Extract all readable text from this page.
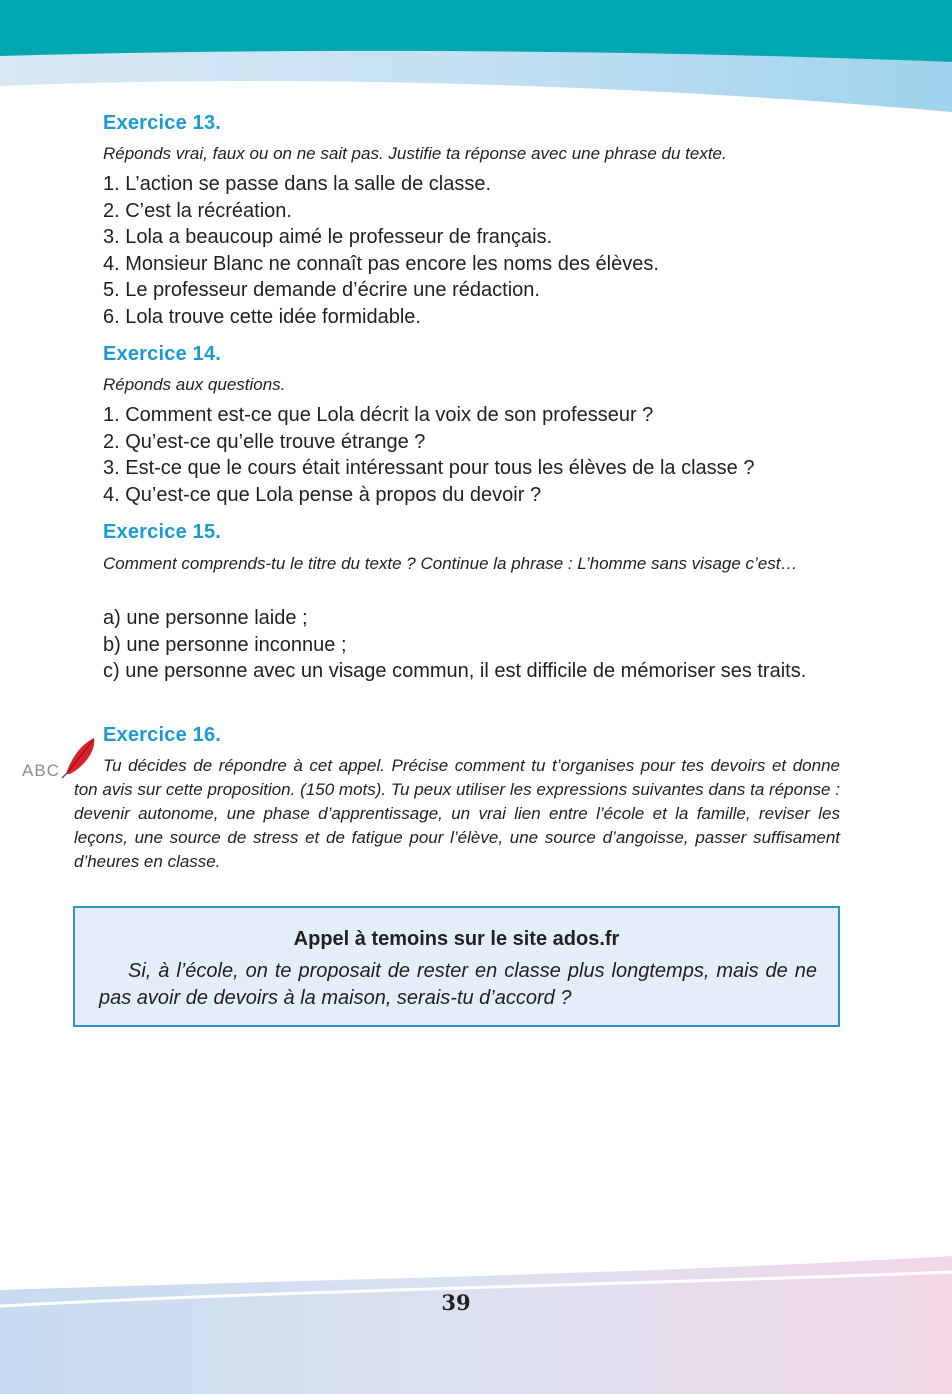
Exercice 13.
Réponds vrai, faux ou on ne sait pas. Justifie ta réponse avec une phrase du texte.
1. L’action se passe dans la salle de classe.
2. C’est la récréation.
3. Lola a beaucoup aimé le professeur de français.
4. Monsieur Blanc ne connaît pas encore les noms des élèves.
5. Le professeur demande d’écrire une rédaction.
6. Lola trouve cette idée formidable.
Exercice 14.
Réponds aux questions.
1. Comment est-ce que Lola décrit la voix de son professeur ?
2. Qu’est-ce qu’elle trouve étrange ?
3. Est-ce que le cours était intéressant pour tous les élèves de la classe ?
4. Qu’est-ce que Lola pense à propos du devoir ?
Exercice 15.
Comment comprends-tu le titre du texte ? Continue la phrase : L’homme sans visage c’est…
a) une personne laide ;
b) une personne inconnue ;
c) une personne avec un visage commun, il est difficile de mémoriser ses traits.
ABC
Exercice 16.
Tu décides de répondre à cet appel. Précise comment tu t’organises pour tes devoirs et donne ton avis sur cette proposition. (150 mots). Tu peux utiliser les expressions suivantes dans ta réponse : devenir autonome, une phase d’apprentissage, un vrai lien entre l’école et la famille, reviser les leçons, une source de stress et de fatigue pour l’élève, une source d’angoisse, passer suffisament d’heures en classe.
Appel à temoins sur le site ados.fr
Si, à l’école, on te proposait de rester en classe plus longtemps, mais de ne pas avoir de devoirs à la maison, serais-tu d’accord ?
39
